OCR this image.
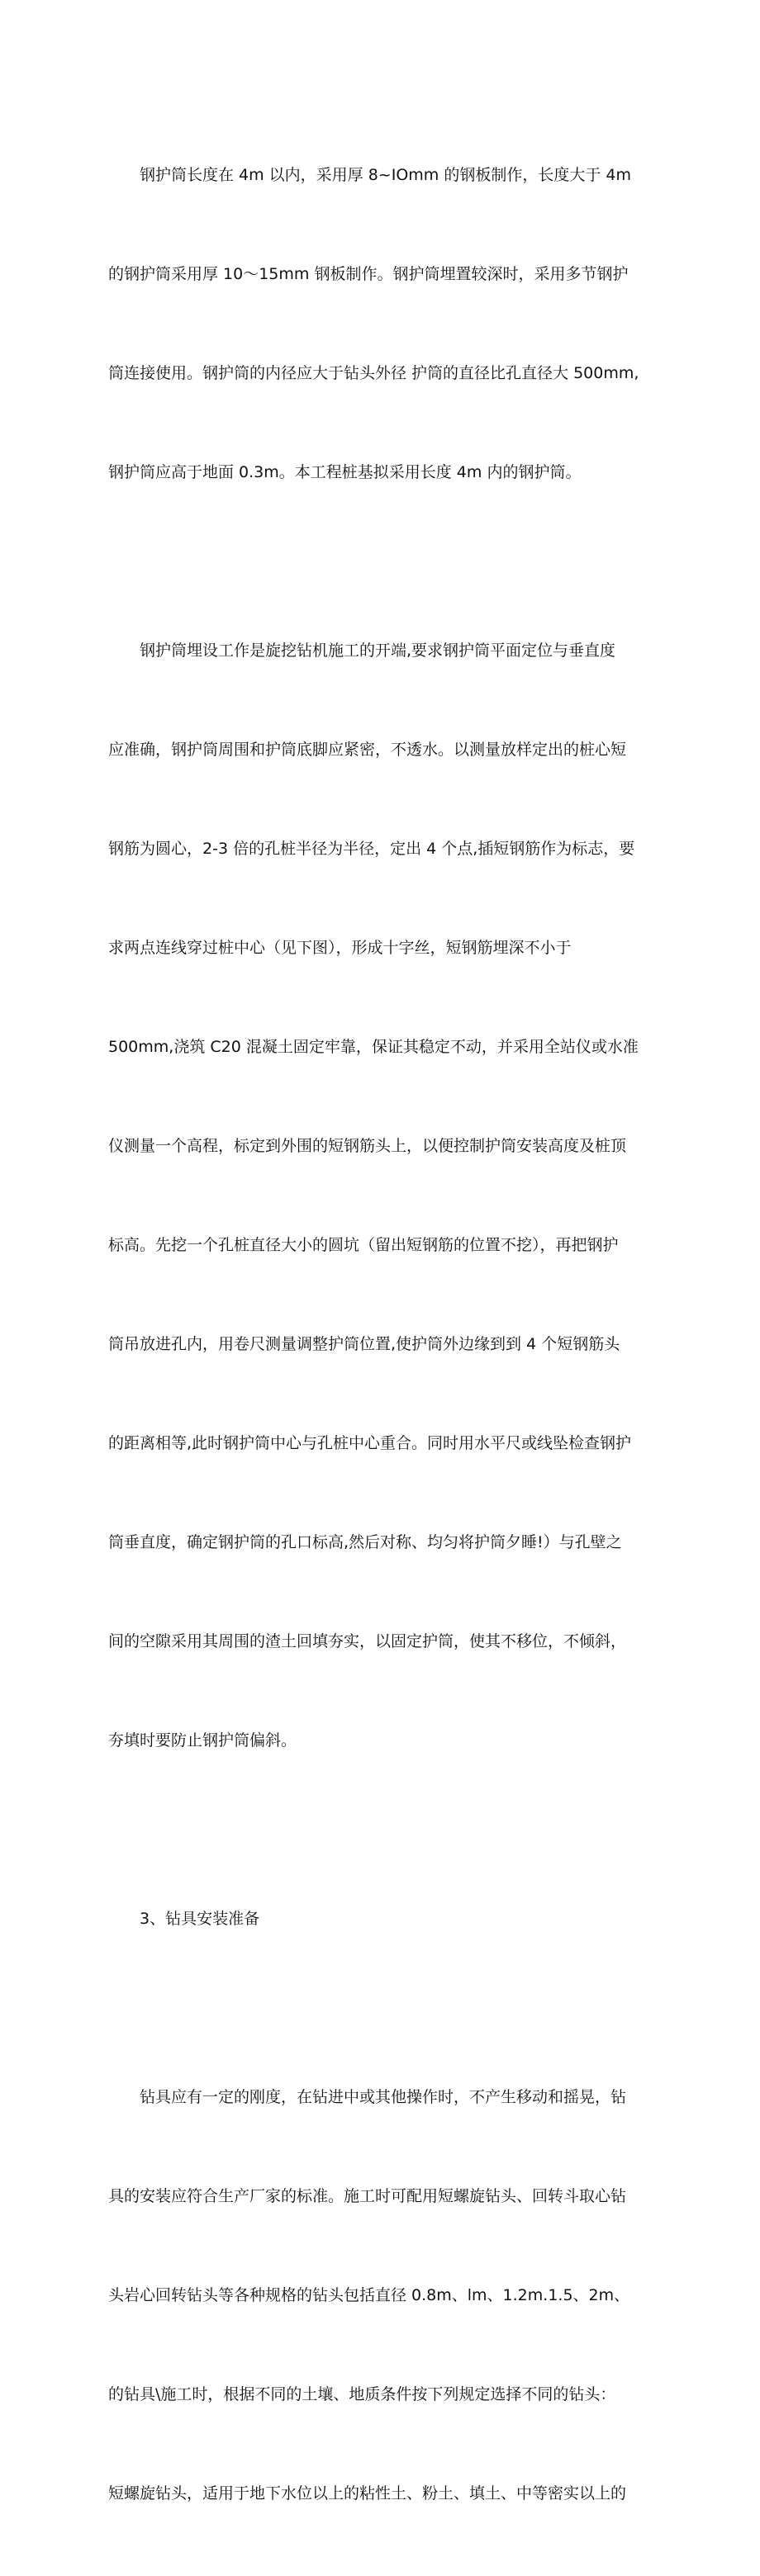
　　钢护筒长度在 4m 以内，采用厚 8~IOmm 的钢板制作，长度大于 4m

的钢护筒采用厚 10～15mm 钢板制作。钢护筒埋置较深时，采用多节钢护

筒连接使用。钢护筒的内径应大于钻头外径 护筒的直径比孔直径大 500mm,

钢护筒应高于地面 0.3m。本工程桩基拟采用长度 4m 内的钢护筒。

　　钢护筒埋设工作是旋挖钻机施工的开端,要求钢护筒平面定位与垂直度

应准确，钢护筒周围和护筒底脚应紧密，不透水。以测量放样定出的桩心短

钢筋为圆心，2-3 倍的孔桩半径为半径，定出 4 个点,插短钢筋作为标志，要

求两点连线穿过桩中心（见下图），形成十字丝，短钢筋埋深不小于

500mm,浇筑 C20 混凝土固定牢靠，保证其稳定不动，并采用全站仪或水准

仪测量一个高程，标定到外围的短钢筋头上，以便控制护筒安装高度及桩顶

标高。先挖一个孔桩直径大小的圆坑（留出短钢筋的位置不挖），再把钢护

筒吊放进孔内，用卷尺测量调整护筒位置,使护筒外边缘到到 4 个短钢筋头

的距离相等,此时钢护筒中心与孔桩中心重合。同时用水平尺或线坠检查钢护

筒垂直度，确定钢护筒的孔口标高,然后对称、均匀将护筒夕睡!）与孔壁之

间的空隙采用其周围的渣土回填夯实，以固定护筒，使其不移位，不倾斜，

夯填时要防止钢护筒偏斜。

　　3、钻具安装准备

　　钻具应有一定的刚度，在钻进中或其他操作时，不产生移动和摇晃，钻

具的安装应符合生产厂家的标准。施工时可配用短螺旋钻头、回转斗取心钻

头岩心回转钻头等各种规格的钻头包括直径 0.8m、lm、1.2m.1.5、2m、

的钻具\施工时，根据不同的土壤、地质条件按下列规定选择不同的钻头：

短螺旋钻头，适用于地下水位以上的粘性土、粉土、填土、中等密实以上的
